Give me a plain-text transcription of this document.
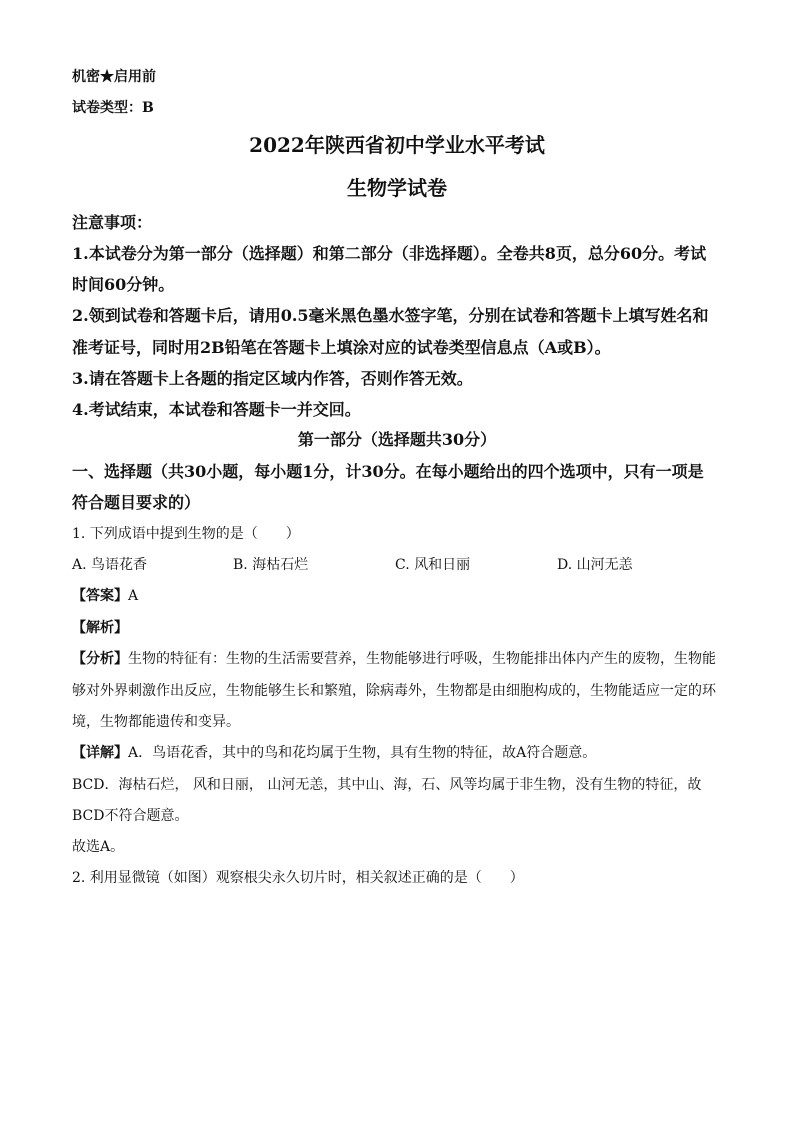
机密★启用前
试卷类型：B
2022年陕西省初中学业水平考试
生物学试卷
注意事项：
1.本试卷分为第一部分（选择题）和第二部分（非选择题）。全卷共8页，总分60分。考试
时间60分钟。
2.领到试卷和答题卡后，请用0.5毫米黑色墨水签字笔，分别在试卷和答题卡上填写姓名和
准考证号，同时用2B铅笔在答题卡上填涂对应的试卷类型信息点（A或B）。
3.请在答题卡上各题的指定区域内作答，否则作答无效。
4.考试结束，本试卷和答题卡一并交回。
第一部分（选择题共30分）
一、选择题（共30小题，每小题1分，计30分。在每小题给出的四个选项中，只有一项是
符合题目要求的）
1. 下列成语中提到生物的是（　　）
A. 鸟语花香	B. 海枯石烂	C. 风和日丽	D. 山河无恙
【答案】A
【解析】
【分析】生物的特征有：生物的生活需要营养，生物能够进行呼吸，生物能排出体内产生的废物，生物能
够对外界刺激作出反应，生物能够生长和繁殖，除病毒外，生物都是由细胞构成的，生物能适应一定的环
境，生物都能遗传和变异。
【详解】A．鸟语花香，其中的鸟和花均属于生物，具有生物的特征，故A符合题意。
BCD．海枯石烂， 风和日丽， 山河无恙，其中山、海，石、风等均属于非生物，没有生物的特征，故
BCD不符合题意。
故选A。
2. 利用显微镜（如图）观察根尖永久切片时，相关叙述正确的是（　　）
